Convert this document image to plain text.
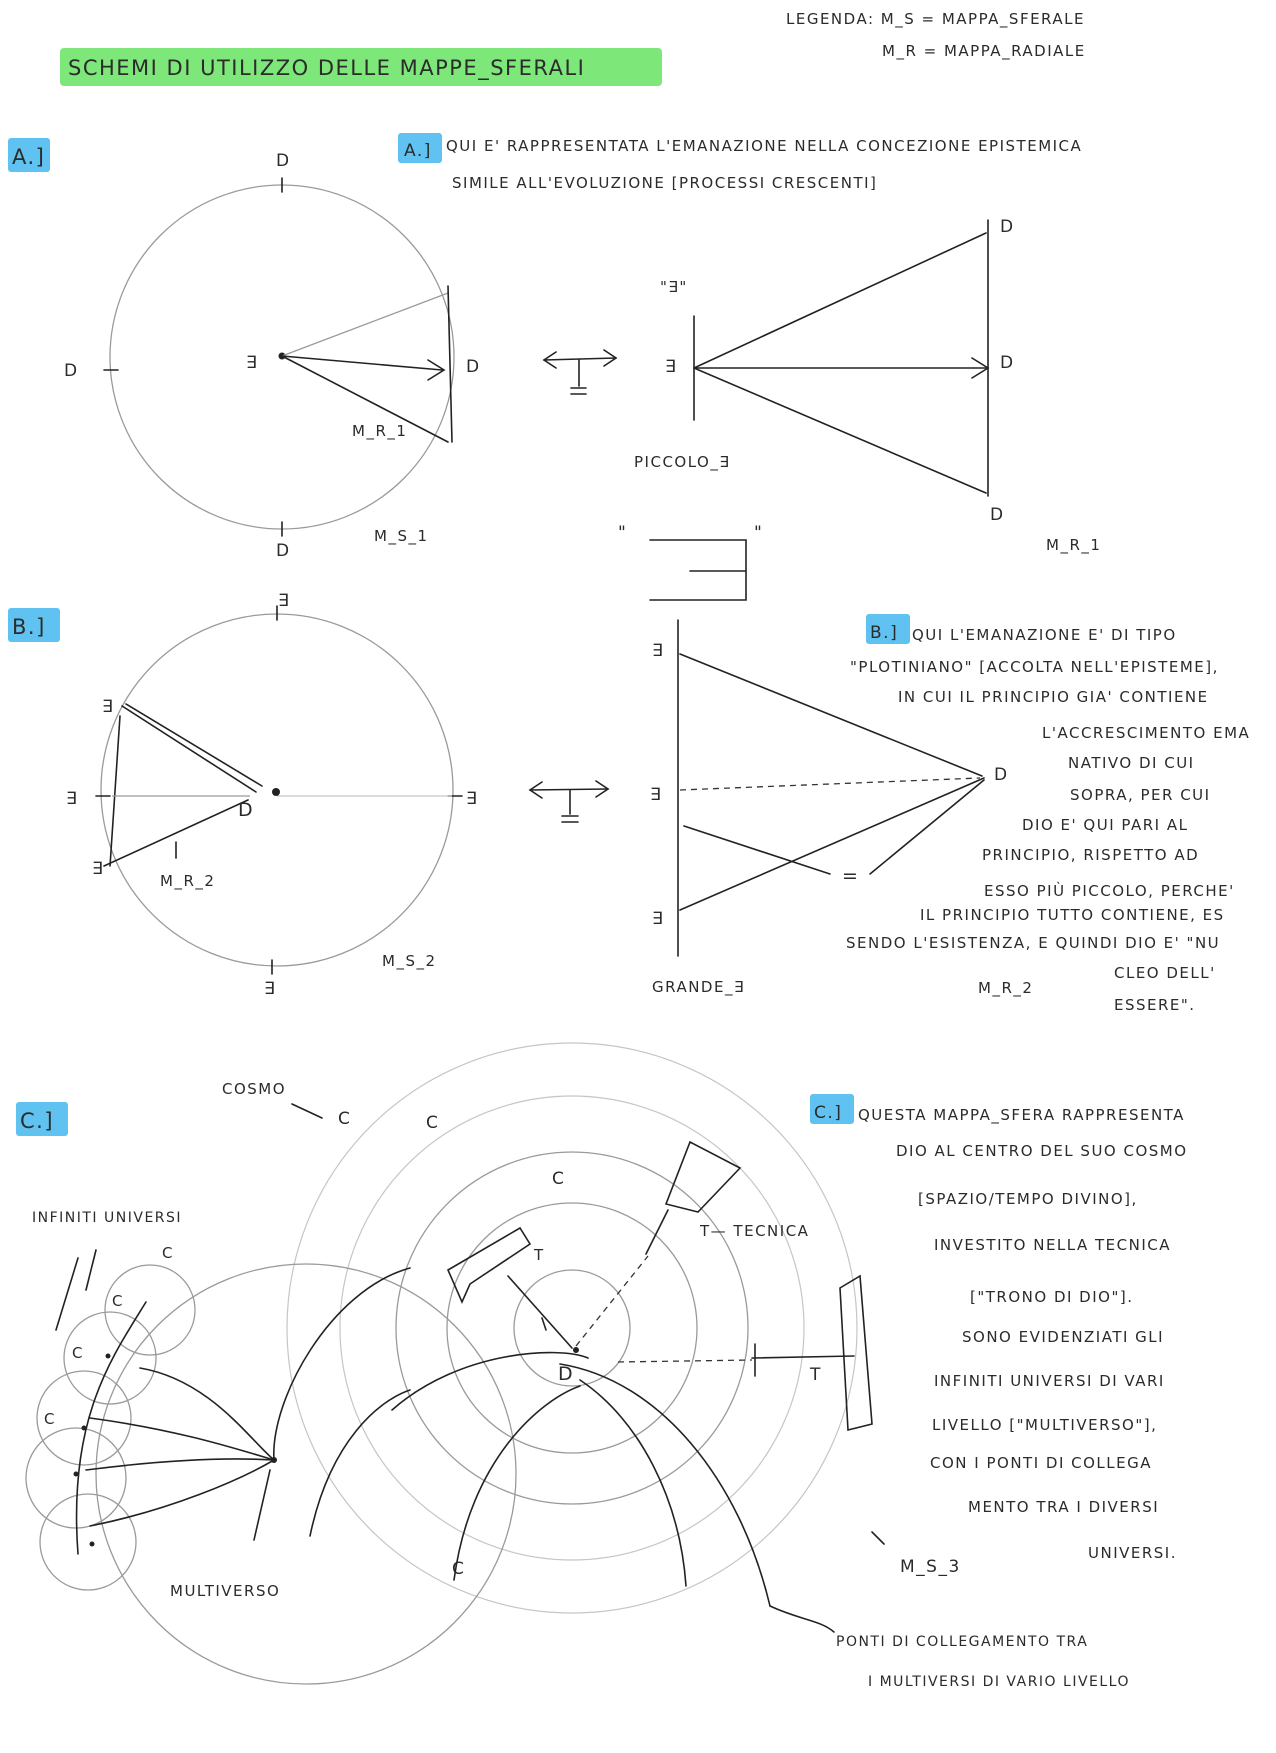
SCHEMI DI UTILIZZO DELLE MAPPE_SFERALI
LEGENDA: M_S = MAPPA_SFERALE
M_R = MAPPA_RADIALE
A.]	A.] QUI E' RAPPRESENTATA L'EMANAZIONE NELLA CONCEZIONE EPISTEMICA
SIMILE ALL'EVOLUZIONE [PROCESSI CRESCENTI]
D
D
D	∃	D
M_R_1
M_S_1
"∃"
∃
D
D
D
PICCOLO_∃
M_R_1
"	"
B.]
∃
∃
∃	∃
∃
∃
D
M_R_2
M_S_2
∃
∃
∃
=
D
GRANDE_∃	M_R_2
B.] QUI L'EMANAZIONE E' DI TIPO
"PLOTINIANO" [ACCOLTA NELL'EPISTEME],
IN CUI IL PRINCIPIO GIA' CONTIENE
L'ACCRESCIMENTO EMA
NATIVO DI CUI
SOPRA, PER CUI
DIO E' QUI PARI AL
PRINCIPIO, RISPETTO AD
ESSO PIÙ PICCOLO, PERCHE'
IL PRINCIPIO TUTTO CONTIENE, ES
SENDO L'ESISTENZA, E QUINDI DIO E' "NU
CLEO DELL'
ESSERE".
C.]
COSMO
C
INFINITI UNIVERSI
C
C
C
C
C
C
C
MULTIVERSO
D
T
T
T— TECNICA
C.] QUESTA MAPPA_SFERA RAPPRESENTA
DIO AL CENTRO DEL SUO COSMO
[SPAZIO/TEMPO DIVINO],
INVESTITO NELLA TECNICA
["TRONO DI DIO"].
SONO EVIDENZIATI GLI
INFINITI UNIVERSI DI VARI
LIVELLO ["MULTIVERSO"],
CON I PONTI DI COLLEGA
MENTO TRA I DIVERSI
UNIVERSI.
M_S_3
PONTI DI COLLEGAMENTO TRA
I MULTIVERSI DI VARIO LIVELLO
